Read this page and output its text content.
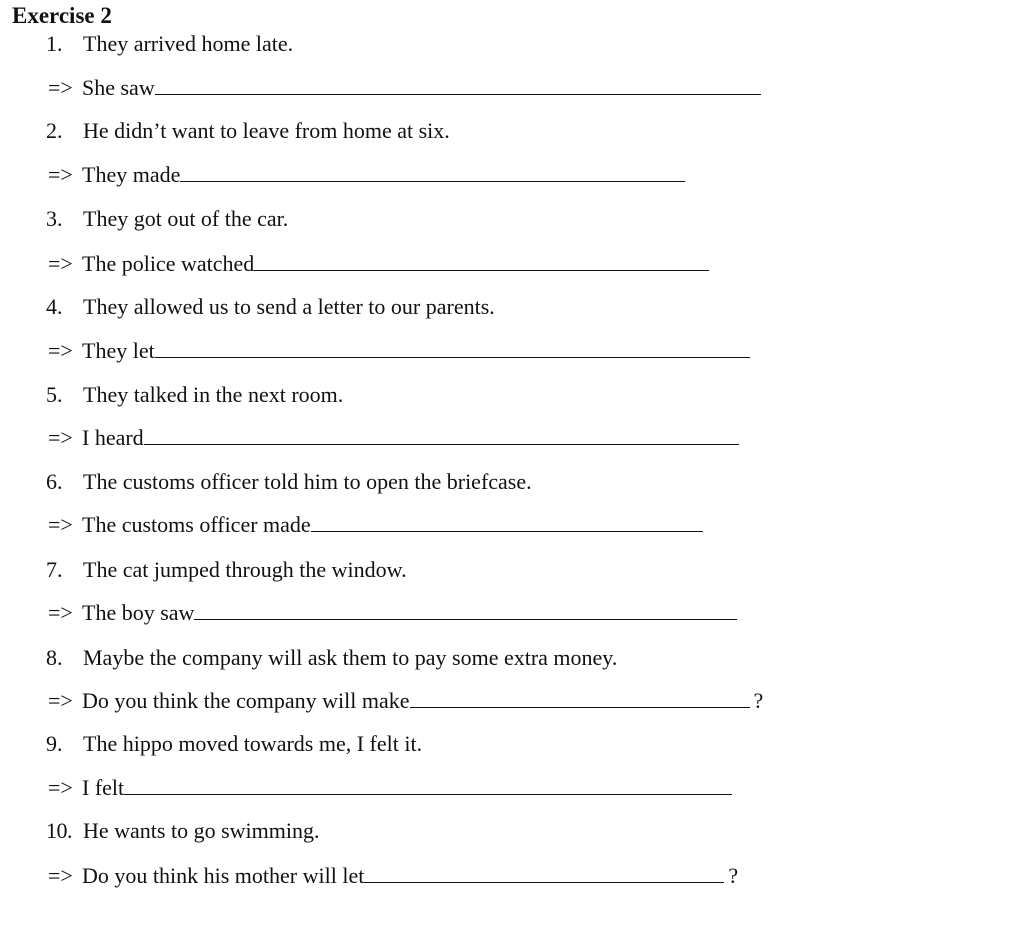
Exercise 2
1. They arrived home late.
=> She saw
2. He didn’t want to leave from home at six.
=> They made
3. They got out of the car.
=> The police watched
4. They allowed us to send a letter to our parents.
=> They let
5. They talked in the next room.
=> I heard
6. The customs officer told him to open the briefcase.
=> The customs officer made
7. The cat jumped through the window.
=> The boy saw
8. Maybe the company will ask them to pay some extra money.
=> Do you think the company will make	?
9. The hippo moved towards me, I felt it.
=> I felt
10. He wants to go swimming.
=> Do you think his mother will let	?
